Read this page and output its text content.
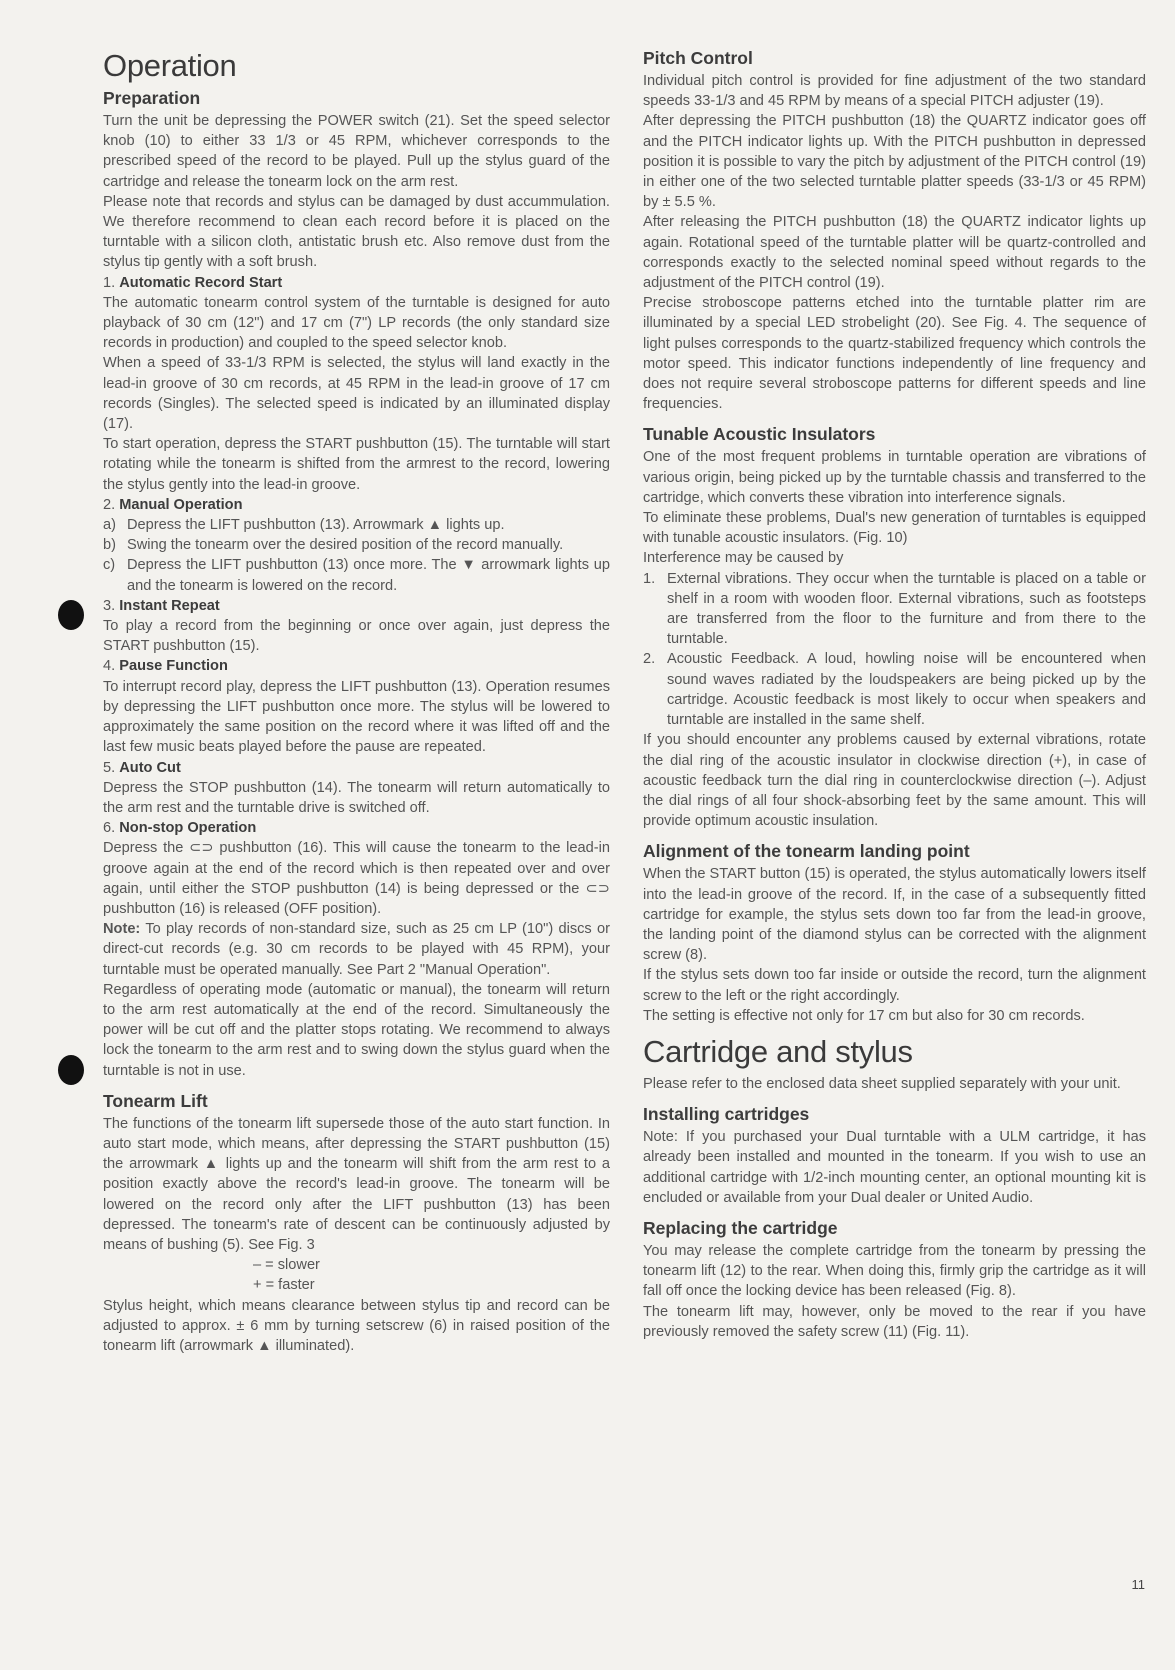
Operation
Preparation

Turn the unit be depressing the POWER switch (21). Set the speed selector knob (10) to either 33 1/3 or 45 RPM, whichever corresponds to the prescribed speed of the record to be played. Pull up the stylus guard of the cartridge and release the tonearm lock on the arm rest.

Please note that records and stylus can be damaged by dust accummulation. We therefore recommend to clean each record before it is placed on the turntable with a silicon cloth, antistatic brush etc. Also remove dust from the stylus tip gently with a soft brush.

1. Automatic Record Start

The automatic tonearm control system of the turntable is designed for auto playback of 30 cm (12") and 17 cm (7") LP records (the only standard size records in production) and coupled to the speed selector knob.

When a speed of 33-1/3 RPM is selected, the stylus will land exactly in the lead-in groove of 30 cm records, at 45 RPM in the lead-in groove of 17 cm records (Singles). The selected speed is indicated by an illuminated display (17).

To start operation, depress the START pushbutton (15). The turntable will start rotating while the tonearm is shifted from the armrest to the record, lowering the stylus gently into the lead-in groove.

2. Manual Operation
a) Depress the LIFT pushbutton (13). Arrowmark ▲ lights up.
b) Swing the tonearm over the desired position of the record manually.
c) Depress the LIFT pushbutton (13) once more. The ▼ arrowmark lights up and the tonearm is lowered on the record.
3. Instant Repeat

To play a record from the beginning or once over again, just depress the START pushbutton (15).

4. Pause Function

To interrupt record play, depress the LIFT pushbutton (13). Operation resumes by depressing the LIFT pushbutton once more. The stylus will be lowered to approximately the same position on the record where it was lifted off and the last few music beats played before the pause are repeated.

5. Auto Cut

Depress the STOP pushbutton (14). The tonearm will return automatically to the arm rest and the turntable drive is switched off.

6. Non-stop Operation

Depress the ⊂⊃ pushbutton (16). This will cause the tonearm to the lead-in groove again at the end of the record which is then repeated over and over again, until either the STOP pushbutton (14) is being depressed or the ⊂⊃ pushbutton (16) is released (OFF position).

Note: To play records of non-standard size, such as 25 cm LP (10") discs or direct-cut records (e.g. 30 cm records to be played with 45 RPM), your turntable must be operated manually. See Part 2 "Manual Operation".

Regardless of operating mode (automatic or manual), the tonearm will return to the arm rest automatically at the end of the record. Simultaneously the power will be cut off and the platter stops rotating. We recommend to always lock the tonearm to the arm rest and to swing down the stylus guard when the turntable is not in use.

Tonearm Lift

The functions of the tonearm lift supersede those of the auto start function. In auto start mode, which means, after depressing the START pushbutton (15) the arrowmark ▲ lights up and the tonearm will shift from the arm rest to a position exactly above the record's lead-in groove. The tonearm will be lowered on the record only after the LIFT pushbutton (13) has been depressed. The tonearm's rate of descent can be continuously adjusted by means of bushing (5). See Fig. 3

– = slower
+ = faster

Stylus height, which means clearance between stylus tip and record can be adjusted to approx. ± 6 mm by turning setscrew (6) in raised position of the tonearm lift (arrowmark ▲ illuminated).

Pitch Control

Individual pitch control is provided for fine adjustment of the two standard speeds 33-1/3 and 45 RPM by means of a special PITCH adjuster (19).

After depressing the PITCH pushbutton (18) the QUARTZ indicator goes off and the PITCH indicator lights up. With the PITCH pushbutton in depressed position it is possible to vary the pitch by adjustment of the PITCH control (19) in either one of the two selected turntable platter speeds (33-1/3 or 45 RPM) by ± 5.5 %.

After releasing the PITCH pushbutton (18) the QUARTZ indicator lights up again. Rotational speed of the turntable platter will be quartz-controlled and corresponds exactly to the selected nominal speed without regards to the adjustment of the PITCH control (19).

Precise stroboscope patterns etched into the turntable platter rim are illuminated by a special LED strobelight (20). See Fig. 4. The sequence of light pulses corresponds to the quartz-stabilized frequency which controls the motor speed. This indicator functions independently of line frequency and does not require several stroboscope patterns for different speeds and line frequencies.

Tunable Acoustic Insulators

One of the most frequent problems in turntable operation are vibrations of various origin, being picked up by the turntable chassis and transferred to the cartridge, which converts these vibration into interference signals.

To eliminate these problems, Dual's new generation of turntables is equipped with tunable acoustic insulators. (Fig. 10)

Interference may be caused by

1. External vibrations. They occur when the turntable is placed on a table or shelf in a room with wooden floor. External vibrations, such as footsteps are transferred from the floor to the furniture and from there to the turntable.
2. Acoustic Feedback. A loud, howling noise will be encountered when sound waves radiated by the loudspeakers are being picked up by the cartridge. Acoustic feedback is most likely to occur when speakers and turntable are installed in the same shelf.

If you should encounter any problems caused by external vibrations, rotate the dial ring of the acoustic insulator in clockwise direction (+), in case of acoustic feedback turn the dial ring in counterclockwise direction (–). Adjust the dial rings of all four shock-absorbing feet by the same amount. This will provide optimum acoustic insulation.

Alignment of the tonearm landing point

When the START button (15) is operated, the stylus automatically lowers itself into the lead-in groove of the record. If, in the case of a subsequently fitted cartridge for example, the stylus sets down too far from the lead-in groove, the landing point of the diamond stylus can be corrected with the alignment screw (8).

If the stylus sets down too far inside or outside the record, turn the alignment screw to the left or the right accordingly.

The setting is effective not only for 17 cm but also for 30 cm records.

Cartridge and stylus

Please refer to the enclosed data sheet supplied separately with your unit.

Installing cartridges

Note: If you purchased your Dual turntable with a ULM cartridge, it has already been installed and mounted in the tonearm. If you wish to use an additional cartridge with 1/2-inch mounting center, an optional mounting kit is encluded or available from your Dual dealer or United Audio.

Replacing the cartridge

You may release the complete cartridge from the tonearm by pressing the tonearm lift (12) to the rear. When doing this, firmly grip the cartridge as it will fall off once the locking device has been released (Fig. 8).

The tonearm lift may, however, only be moved to the rear if you have previously removed the safety screw (11) (Fig. 11).

11
